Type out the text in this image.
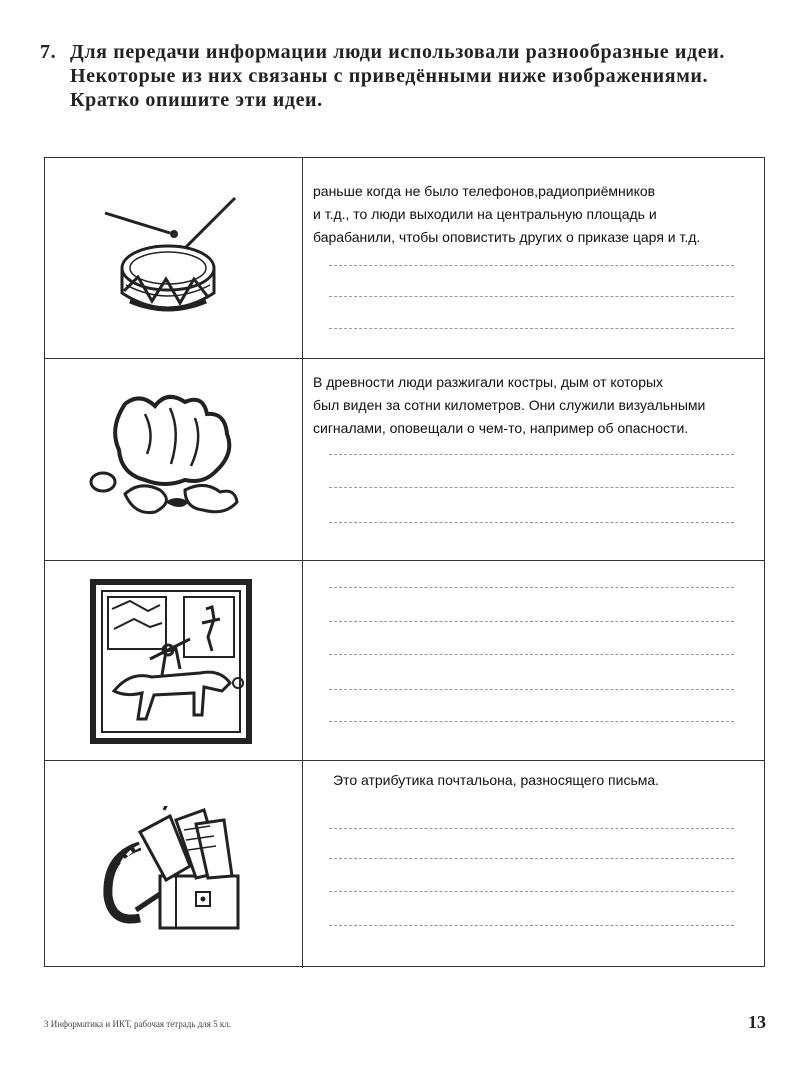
7. Для передачи информации люди использовали разнообразные идеи.
Некоторые из них связаны с приведёнными ниже изображениями.
Кратко опишите эти идеи.
раньше когда не было телефонов,радиоприёмников
и т.д., то люди выходили на центральную площадь и
барабанили, чтобы оповистить других о приказе царя и т.д.
В древности люди разжигали костры, дым от которых
был виден за сотни километров. Они служили визуальными
сигналами, оповещали о чем-то, например об опасности.
Это атрибутика почтальона, разносящего письма.
3 Информатика и ИКТ, рабочая тетрадь для 5 кл.	13
